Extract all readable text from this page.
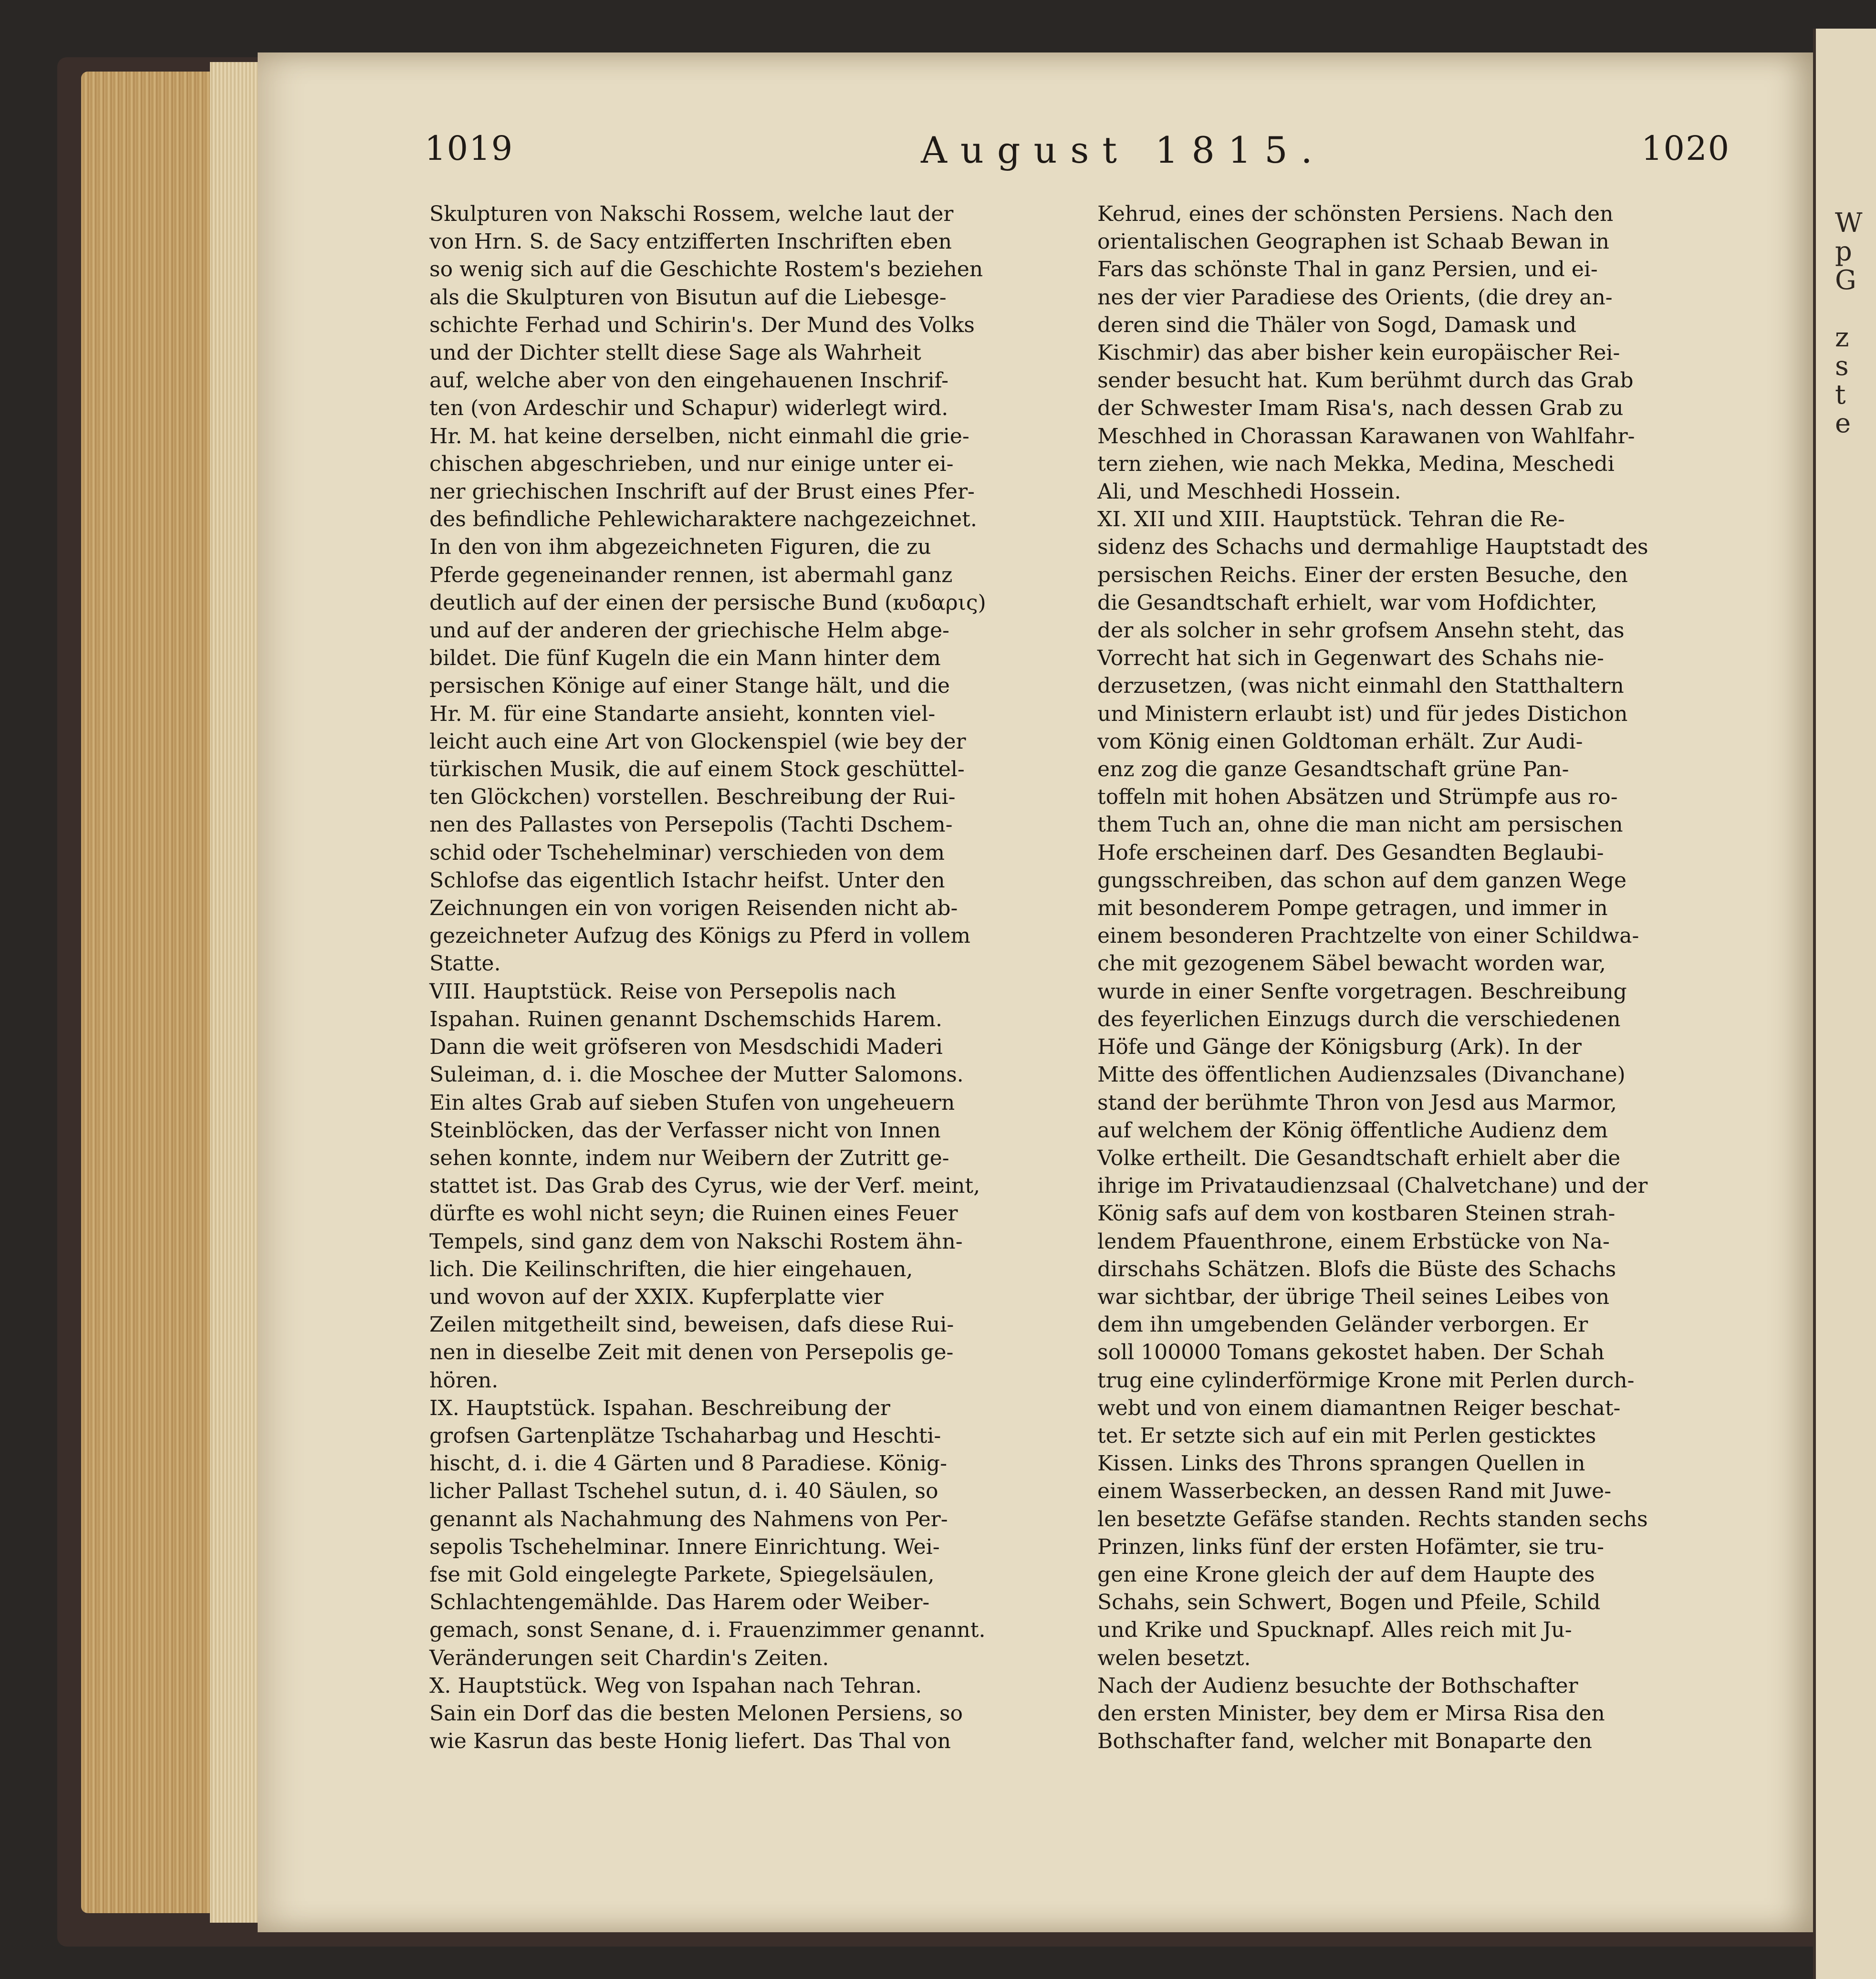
W
p
G
z
s
t
e
1019	August 1815.	1020

Skulpturen von Nakschi Rossem, welche laut der

von Hrn. S. de Sacy entzifferten Inschriften eben

so wenig sich auf die Geschichte Rostem's beziehen

als die Skulpturen von Bisutun auf die Liebesge-

schichte Ferhad und Schirin's. Der Mund des Volks

und der Dichter stellt diese Sage als Wahrheit

auf, welche aber von den eingehauenen Inschrif-

ten (von Ardeschir und Schapur) widerlegt wird.

Hr. M. hat keine derselben, nicht einmahl die grie-

chischen abgeschrieben, und nur einige unter ei-

ner griechischen Inschrift auf der Brust eines Pfer-

des befindliche Pehlewicharaktere nachgezeichnet.

In den von ihm abgezeichneten Figuren, die zu

Pferde gegeneinander rennen, ist abermahl ganz

deutlich auf der einen der persische Bund (κυδαρις)

und auf der anderen der griechische Helm abge-

bildet. Die fünf Kugeln die ein Mann hinter dem

persischen Könige auf einer Stange hält, und die

Hr. M. für eine Standarte ansieht, konnten viel-

leicht auch eine Art von Glockenspiel (wie bey der

türkischen Musik, die auf einem Stock geschüttel-

ten Glöckchen) vorstellen. Beschreibung der Rui-

nen des Pallastes von Persepolis (Tachti Dschem-

schid oder Tschehelminar) verschieden von dem

Schlofse das eigentlich Istachr heifst. Unter den

Zeichnungen ein von vorigen Reisenden nicht ab-

gezeichneter Aufzug des Königs zu Pferd in vollem

Statte.

VIII. Hauptstück. Reise von Persepolis nach

Ispahan. Ruinen genannt Dschemschids Harem.

Dann die weit gröfseren von Mesdschidi Maderi

Suleiman, d. i. die Moschee der Mutter Salomons.

Ein altes Grab auf sieben Stufen von ungeheuern

Steinblöcken, das der Verfasser nicht von Innen

sehen konnte, indem nur Weibern der Zutritt ge-

stattet ist. Das Grab des Cyrus, wie der Verf. meint,

dürfte es wohl nicht seyn; die Ruinen eines Feuer

Tempels, sind ganz dem von Nakschi Rostem ähn-

lich. Die Keilinschriften, die hier eingehauen,

und wovon auf der XXIX. Kupferplatte vier

Zeilen mitgetheilt sind, beweisen, dafs diese Rui-

nen in dieselbe Zeit mit denen von Persepolis ge-

hören.

IX. Hauptstück. Ispahan. Beschreibung der

grofsen Gartenplätze Tschaharbag und Heschti-

hischt, d. i. die 4 Gärten und 8 Paradiese. König-

licher Pallast Tschehel sutun, d. i. 40 Säulen, so

genannt als Nachahmung des Nahmens von Per-

sepolis Tschehelminar. Innere Einrichtung. Wei-

fse mit Gold eingelegte Parkete, Spiegelsäulen,

Schlachtengemählde. Das Harem oder Weiber-

gemach, sonst Senane, d. i. Frauenzimmer genannt.

Veränderungen seit Chardin's Zeiten.

X. Hauptstück. Weg von Ispahan nach Tehran.

Sain ein Dorf das die besten Melonen Persiens, so

wie Kasrun das beste Honig liefert. Das Thal von

Kehrud, eines der schönsten Persiens. Nach den

orientalischen Geographen ist Schaab Bewan in

Fars das schönste Thal in ganz Persien, und ei-

nes der vier Paradiese des Orients, (die drey an-

deren sind die Thäler von Sogd, Damask und

Kischmir) das aber bisher kein europäischer Rei-

sender besucht hat. Kum berühmt durch das Grab

der Schwester Imam Risa's, nach dessen Grab zu

Meschhed in Chorassan Karawanen von Wahlfahr-

tern ziehen, wie nach Mekka, Medina, Meschedi

Ali, und Meschhedi Hossein.

XI. XII und XIII. Hauptstück. Tehran die Re-

sidenz des Schachs und dermahlige Hauptstadt des

persischen Reichs. Einer der ersten Besuche, den

die Gesandtschaft erhielt, war vom Hofdichter,

der als solcher in sehr grofsem Ansehn steht, das

Vorrecht hat sich in Gegenwart des Schahs nie-

derzusetzen, (was nicht einmahl den Statthaltern

und Ministern erlaubt ist) und für jedes Distichon

vom König einen Goldtoman erhält. Zur Audi-

enz zog die ganze Gesandtschaft grüne Pan-

toffeln mit hohen Absätzen und Strümpfe aus ro-

them Tuch an, ohne die man nicht am persischen

Hofe erscheinen darf. Des Gesandten Beglaubi-

gungsschreiben, das schon auf dem ganzen Wege

mit besonderem Pompe getragen, und immer in

einem besonderen Prachtzelte von einer Schildwa-

che mit gezogenem Säbel bewacht worden war,

wurde in einer Senfte vorgetragen. Beschreibung

des feyerlichen Einzugs durch die verschiedenen

Höfe und Gänge der Königsburg (Ark). In der

Mitte des öffentlichen Audienzsales (Divanchane)

stand der berühmte Thron von Jesd aus Marmor,

auf welchem der König öffentliche Audienz dem

Volke ertheilt. Die Gesandtschaft erhielt aber die

ihrige im Privataudienzsaal (Chalvetchane) und der

König safs auf dem von kostbaren Steinen strah-

lendem Pfauenthrone, einem Erbstücke von Na-

dirschahs Schätzen. Blofs die Büste des Schachs

war sichtbar, der übrige Theil seines Leibes von

dem ihn umgebenden Geländer verborgen. Er

soll 100000 Tomans gekostet haben. Der Schah

trug eine cylinderförmige Krone mit Perlen durch-

webt und von einem diamantnen Reiger beschat-

tet. Er setzte sich auf ein mit Perlen gesticktes

Kissen. Links des Throns sprangen Quellen in

einem Wasserbecken, an dessen Rand mit Juwe-

len besetzte Gefäfse standen. Rechts standen sechs

Prinzen, links fünf der ersten Hofämter, sie tru-

gen eine Krone gleich der auf dem Haupte des

Schahs, sein Schwert, Bogen und Pfeile, Schild

und Krike und Spucknapf. Alles reich mit Ju-

welen besetzt.

Nach der Audienz besuchte der Bothschafter

den ersten Minister, bey dem er Mirsa Risa den

Bothschafter fand, welcher mit Bonaparte den
